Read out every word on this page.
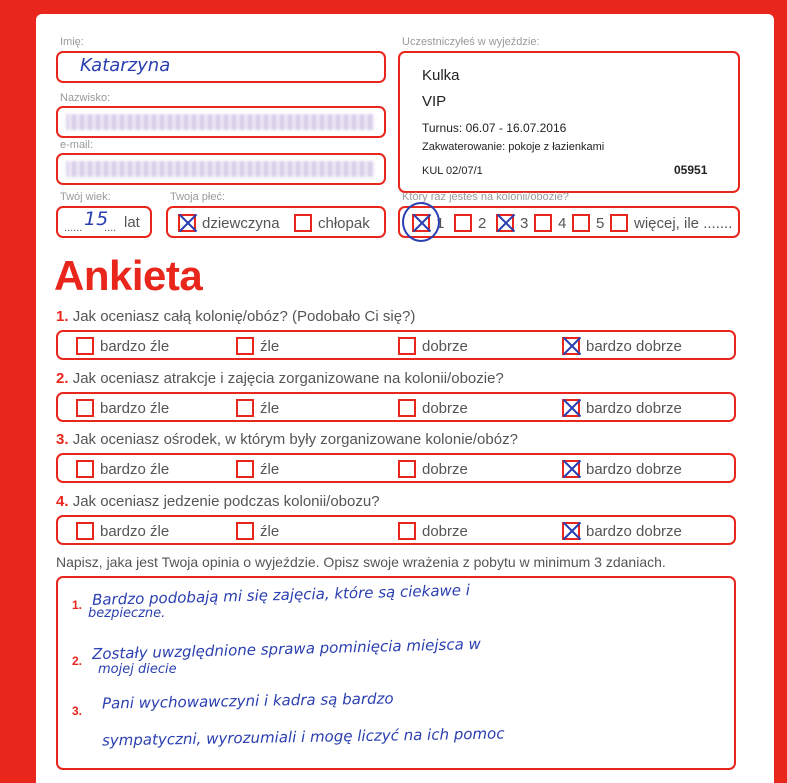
Imię:
Katarzyna
Nazwisko:
e-mail:
Twój wiek:
...... 15
.... lat
Twoja płeć:
dziewczyna	chłopak
Uczestniczyłeś w wyjeździe:
Kulka
VIP
Turnus: 06.07 - 16.07.2016
Zakwaterowanie: pokoje z łazienkami
KUL 02/07/1	05951
Który raz jesteś na kolonii/obozie?
1 2 3 4 5 więcej, ile .......
Ankieta
1. Jak oceniasz całą kolonię/obóz? (Podobało Ci się?)
bardzo źle	źle	dobrze	bardzo dobrze
2. Jak oceniasz atrakcje i zajęcia zorganizowane na kolonii/obozie?
bardzo źle	źle	dobrze	bardzo dobrze
3. Jak oceniasz ośrodek, w którym były zorganizowane kolonie/obóz?
bardzo źle	źle	dobrze	bardzo dobrze
4. Jak oceniasz jedzenie podczas kolonii/obozu?
bardzo źle	źle	dobrze	bardzo dobrze
Napisz, jaka jest Twoja opinia o wyjeździe. Opisz swoje wrażenia z pobytu w minimum 3 zdaniach.
1.
2.
3.
Bardzo podobają mi się zajęcia, które są ciekawe i
bezpieczne.
Zostały uwzględnione sprawa pominięcia miejsca w
mojej diecie
Pani wychowawczyni i kadra są bardzo
sympatyczni, wyrozumiali i mogę liczyć na ich pomoc
